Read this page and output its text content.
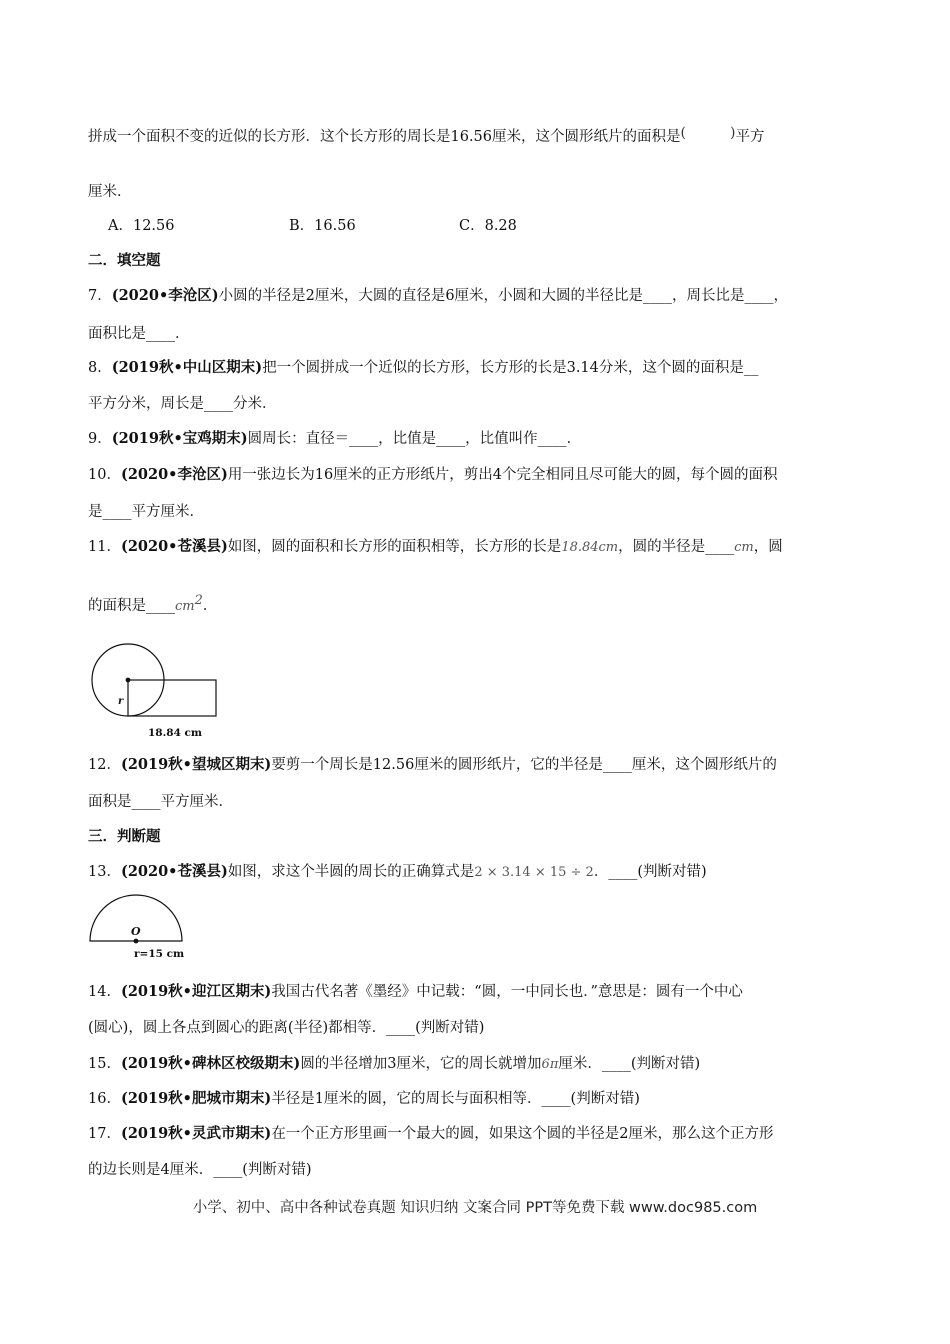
拼成一个面积不变的近似的长方形．这个长方形的周长是16.56厘米，这个圆形纸片的面积是(	)平方
厘米．
A．12.56	B．16.56	C．8.28
二．填空题
7．(2020•李沧区)小圆的半径是2厘米，大圆的直径是6厘米，小圆和大圆的半径比是____，周长比是____，
面积比是____．
8．(2019秋•中山区期末)把一个圆拼成一个近似的长方形，长方形的长是3.14分米，这个圆的面积是__
平方分米，周长是____分米．
9．(2019秋•宝鸡期末)圆周长：直径＝____，比值是____，比值叫作____．
10．(2020•李沧区)用一张边长为16厘米的正方形纸片，剪出4个完全相同且尽可能大的圆，每个圆的面积
是____平方厘米．
11．(2020•苍溪县)如图，圆的面积和长方形的面积相等，长方形的长是18.84cm，圆的半径是____cm，圆
的面积是____cm2．
r
18.84 cm
12．(2019秋•望城区期末)要剪一个周长是12.56厘米的圆形纸片，它的半径是____厘米，这个圆形纸片的
面积是____平方厘米．
三．判断题
13．(2020•苍溪县)如图，求这个半圆的周长的正确算式是2 × 3.14 × 15 ÷ 2．____(判断对错)
O
r=15 cm
14．(2019秋•迎江区期末)我国古代名著《墨经》中记载：“圆，一中同长也．”意思是：圆有一个中心
(圆心)，圆上各点到圆心的距离(半径)都相等．____(判断对错)
15．(2019秋•碑林区校级期末)圆的半径增加3厘米，它的周长就增加6π厘米．____(判断对错)
16．(2019秋•肥城市期末)半径是1厘米的圆，它的周长与面积相等．____(判断对错)
17．(2019秋•灵武市期末)在一个正方形里画一个最大的圆，如果这个圆的半径是2厘米，那么这个正方形
的边长则是4厘米．____(判断对错)
小学、初中、高中各种试卷真题 知识归纳 文案合同 PPT等免费下载 www.doc985.com
